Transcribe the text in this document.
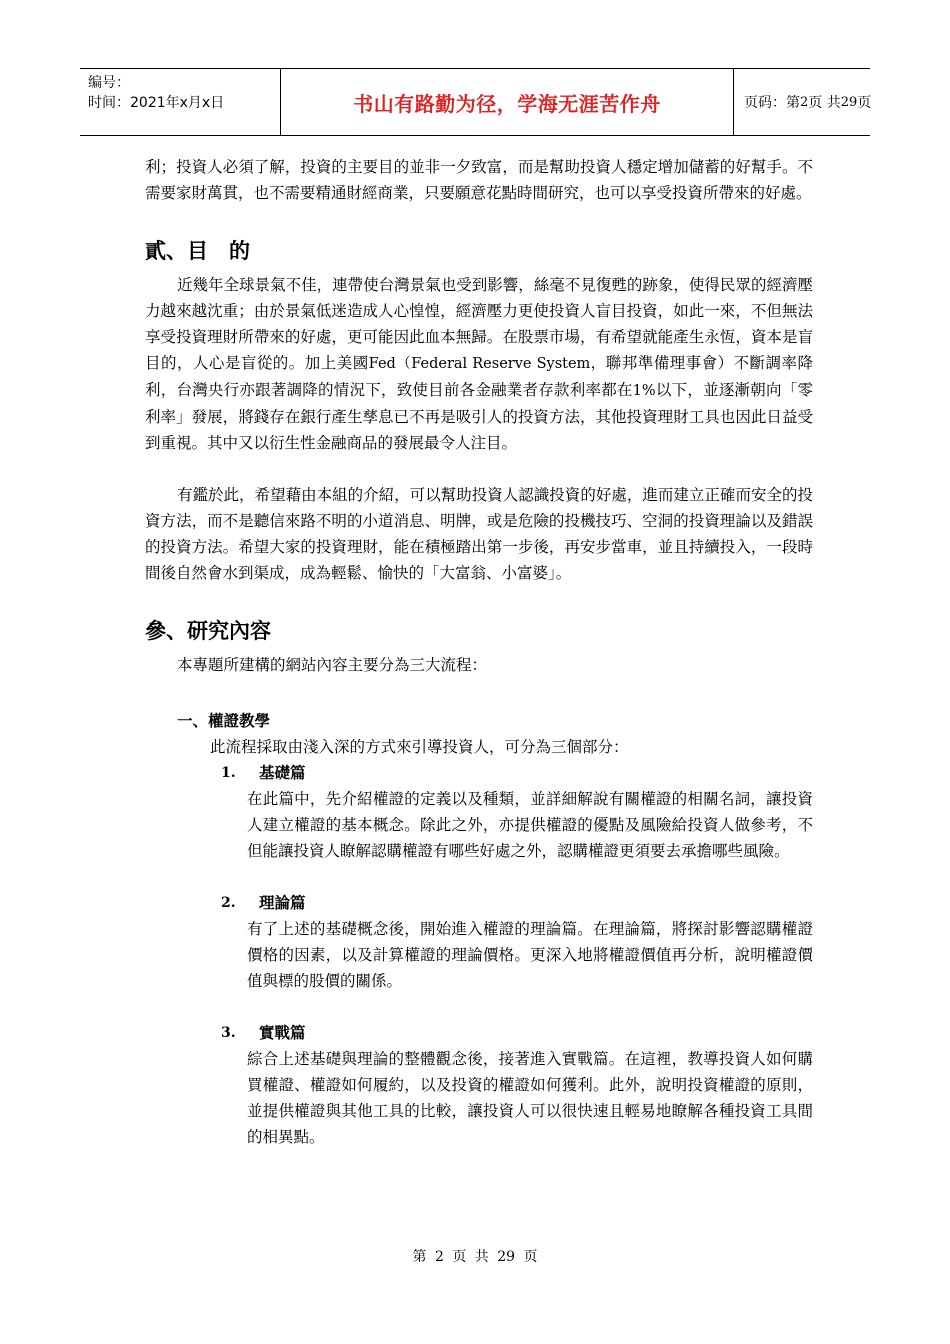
编号：
时间：2021年x月x日	书山有路勤为径，学海无涯苦作舟	页码：第 2 页 共 29 页

利；投資人必須了解，投資的主要目的並非一夕致富，而是幫助投資人穩定增加儲蓄的好幫手。不需要家財萬貫，也不需要精通財經商業，只要願意花點時間研究，也可以享受投資所帶來的好處。

貳、目　的

近幾年全球景氣不佳，連帶使台灣景氣也受到影響，絲毫不見復甦的跡象，使得民眾的經濟壓力越來越沈重；由於景氣低迷造成人心惶惶，經濟壓力更使投資人盲目投資，如此一來，不但無法享受投資理財所帶來的好處，更可能因此血本無歸。在股票市場，有希望就能產生永恆，資本是盲目的，人心是盲從的。加上美國Fed（Federal Reserve System，聯邦準備理事會）不斷調率降利，台灣央行亦跟著調降的情況下，致使目前各金融業者存款利率都在1%以下，並逐漸朝向「零利率」發展，將錢存在銀行產生孳息已不再是吸引人的投資方法，其他投資理財工具也因此日益受到重視。其中又以衍生性金融商品的發展最令人注目。

有鑑於此，希望藉由本組的介紹，可以幫助投資人認識投資的好處，進而建立正確而安全的投資方法，而不是聽信來路不明的小道消息、明牌，或是危險的投機技巧、空洞的投資理論以及錯誤的投資方法。希望大家的投資理財，能在積極踏出第一步後，再安步當車，並且持續投入，一段時間後自然會水到渠成，成為輕鬆、愉快的「大富翁、小富婆」。

參、研究內容

本專題所建構的網站內容主要分為三大流程：

一、權證教學

此流程採取由淺入深的方式來引導投資人，可分為三個部分：

1. 基礎篇

在此篇中，先介紹權證的定義以及種類，並詳細解說有關權證的相關名詞，讓投資人建立權證的基本概念。除此之外，亦提供權證的優點及風險給投資人做參考，不但能讓投資人瞭解認購權證有哪些好處之外，認購權證更須要去承擔哪些風險。

2. 理論篇

有了上述的基礎概念後，開始進入權證的理論篇。在理論篇，將探討影響認購權證價格的因素，以及計算權證的理論價格。更深入地將權證價值再分析，說明權證價值與標的股價的關係。

3. 實戰篇

綜合上述基礎與理論的整體觀念後，接著進入實戰篇。在這裡，教導投資人如何購買權證、權證如何履約，以及投資的權證如何獲利。此外，說明投資權證的原則，並提供權證與其他工具的比較，讓投資人可以很快速且輕易地瞭解各種投資工具間的相異點。

第 2 页 共 29 页
